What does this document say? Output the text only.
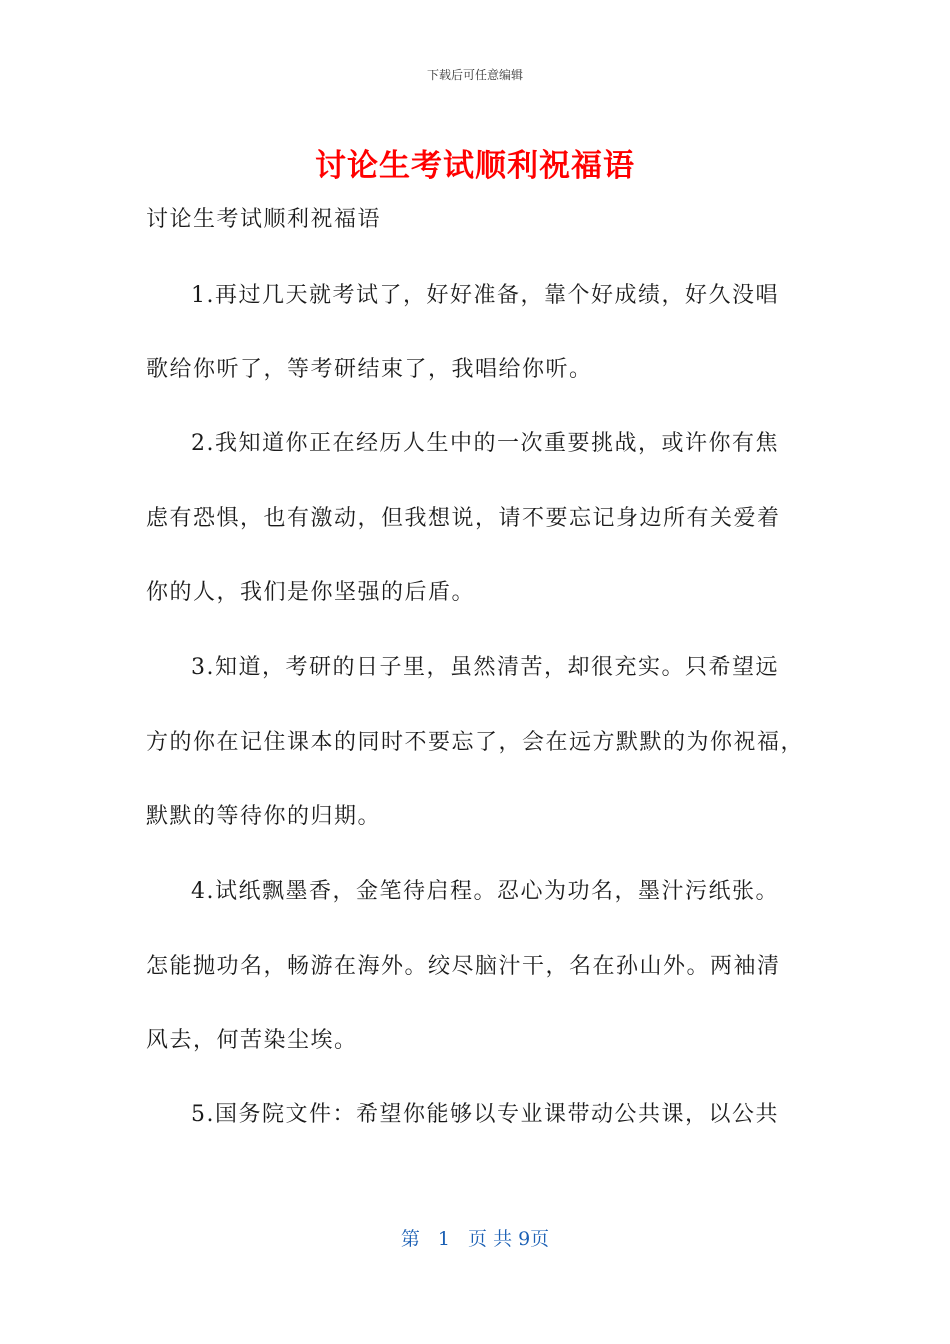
下载后可任意编辑
讨论生考试顺利祝福语
讨论生考试顺利祝福语
1.再过几天就考试了，好好准备，靠个好成绩，好久没唱
歌给你听了，等考研结束了，我唱给你听。
2.我知道你正在经历人生中的一次重要挑战，或许你有焦
虑有恐惧，也有激动，但我想说，请不要忘记身边所有关爱着
你的人，我们是你坚强的后盾。
3.知道，考研的日子里，虽然清苦，却很充实。只希望远
方的你在记住课本的同时不要忘了，会在远方默默的为你祝福，
默默的等待你的归期。
4.试纸飘墨香，金笔待启程。忍心为功名，墨汁污纸张。
怎能抛功名，畅游在海外。绞尽脑汁干，名在孙山外。两袖清
风去，何苦染尘埃。
5.国务院文件：希望你能够以专业课带动公共课，以公共
第 1 页 共 9页
